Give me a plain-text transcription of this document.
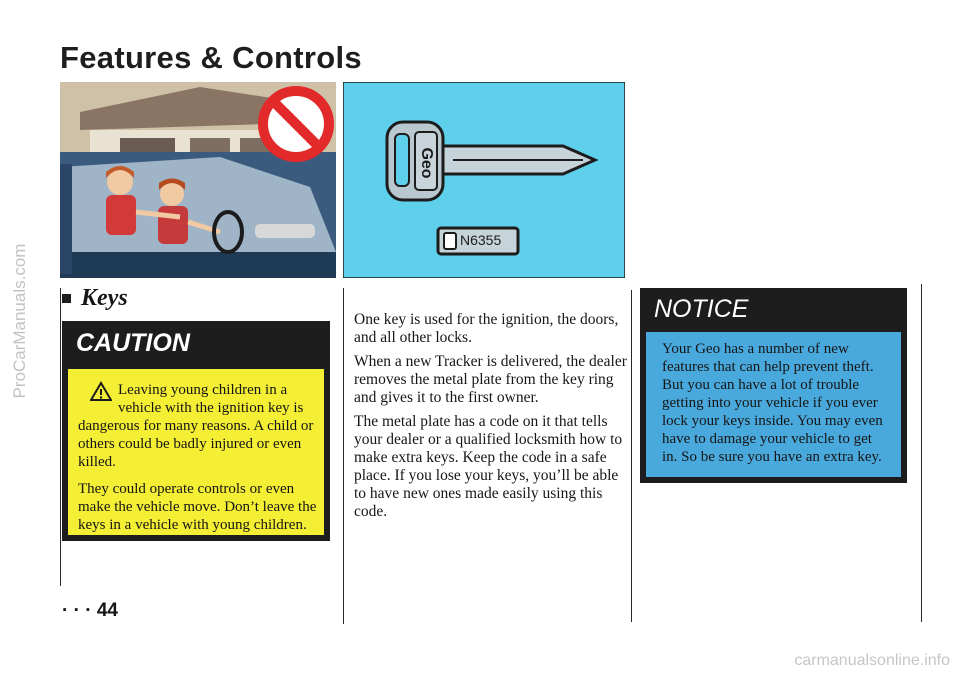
ProCarManuals.com
carmanualsonline.info
Features & Controls
Geo
N6355
Keys
CAUTION

Leaving young children in a vehicle with the ignition key is dangerous for many reasons. A child or others could be badly injured or even killed.

They could operate controls or even make the vehicle move. Don’t leave the keys in a vehicle with young children.

One key is used for the ignition, the doors, and all other locks.

When a new Tracker is delivered, the dealer removes the metal plate from the key ring and gives it to the first owner.

The metal plate has a code on it that tells your dealer or a qualified locksmith how to make extra keys. Keep the code in a safe place. If you lose your keys, you’ll be able to have new ones made easily using this code.

NOTICE

Your Geo has a number of new features that can help prevent theft. But you can have a lot of trouble getting into your vehicle if you ever lock your keys inside. You may even have to damage your vehicle to get in. So be sure you have an extra key.

· · · 44
